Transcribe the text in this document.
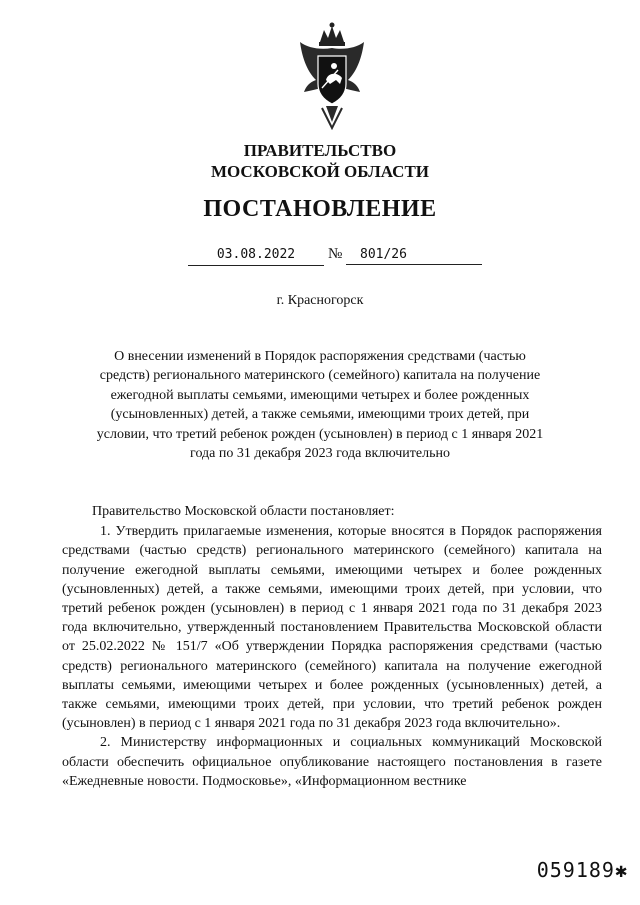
ПРАВИТЕЛЬСТВО
МОСКОВСКОЙ ОБЛАСТИ
ПОСТАНОВЛЕНИЕ
03.08.2022	№	801/26
г. Красногорск
О внесении изменений в Порядок распоряжения средствами (частью средств) регионального материнского (семейного) капитала на получение ежегодной выплаты семьями, имеющими четырех и более рожденных (усыновленных) детей, а также семьями, имеющими троих детей, при условии, что третий ребенок рожден (усыновлен) в период с 1 января 2021 года по 31 декабря 2023 года включительно

Правительство Московской области постановляет:

1. Утвердить прилагаемые изменения, которые вносятся в Порядок распоряжения средствами (частью средств) регионального материнского (семейного) капитала на получение ежегодной выплаты семьями, имеющими четырех и более рожденных (усыновленных) детей, а также семьями, имеющими троих детей, при условии, что третий ребенок рожден (усыновлен) в период с 1 января 2021 года по 31 декабря 2023 года включительно, утвержденный постановлением Правительства Московской области от 25.02.2022 № 151/7 «Об утверждении Порядка распоряжения средствами (частью средств) регионального материнского (семейного) капитала на получение ежегодной выплаты семьями, имеющими четырех и более рожденных (усыновленных) детей, а также семьями, имеющими троих детей, при условии, что третий ребенок рожден (усыновлен) в период с 1 января 2021 года по 31 декабря 2023 года включительно».

2. Министерству информационных и социальных коммуникаций Московской области обеспечить официальное опубликование настоящего постановления в газете «Ежедневные новости. Подмосковье», «Информационном вестнике

059189✱
